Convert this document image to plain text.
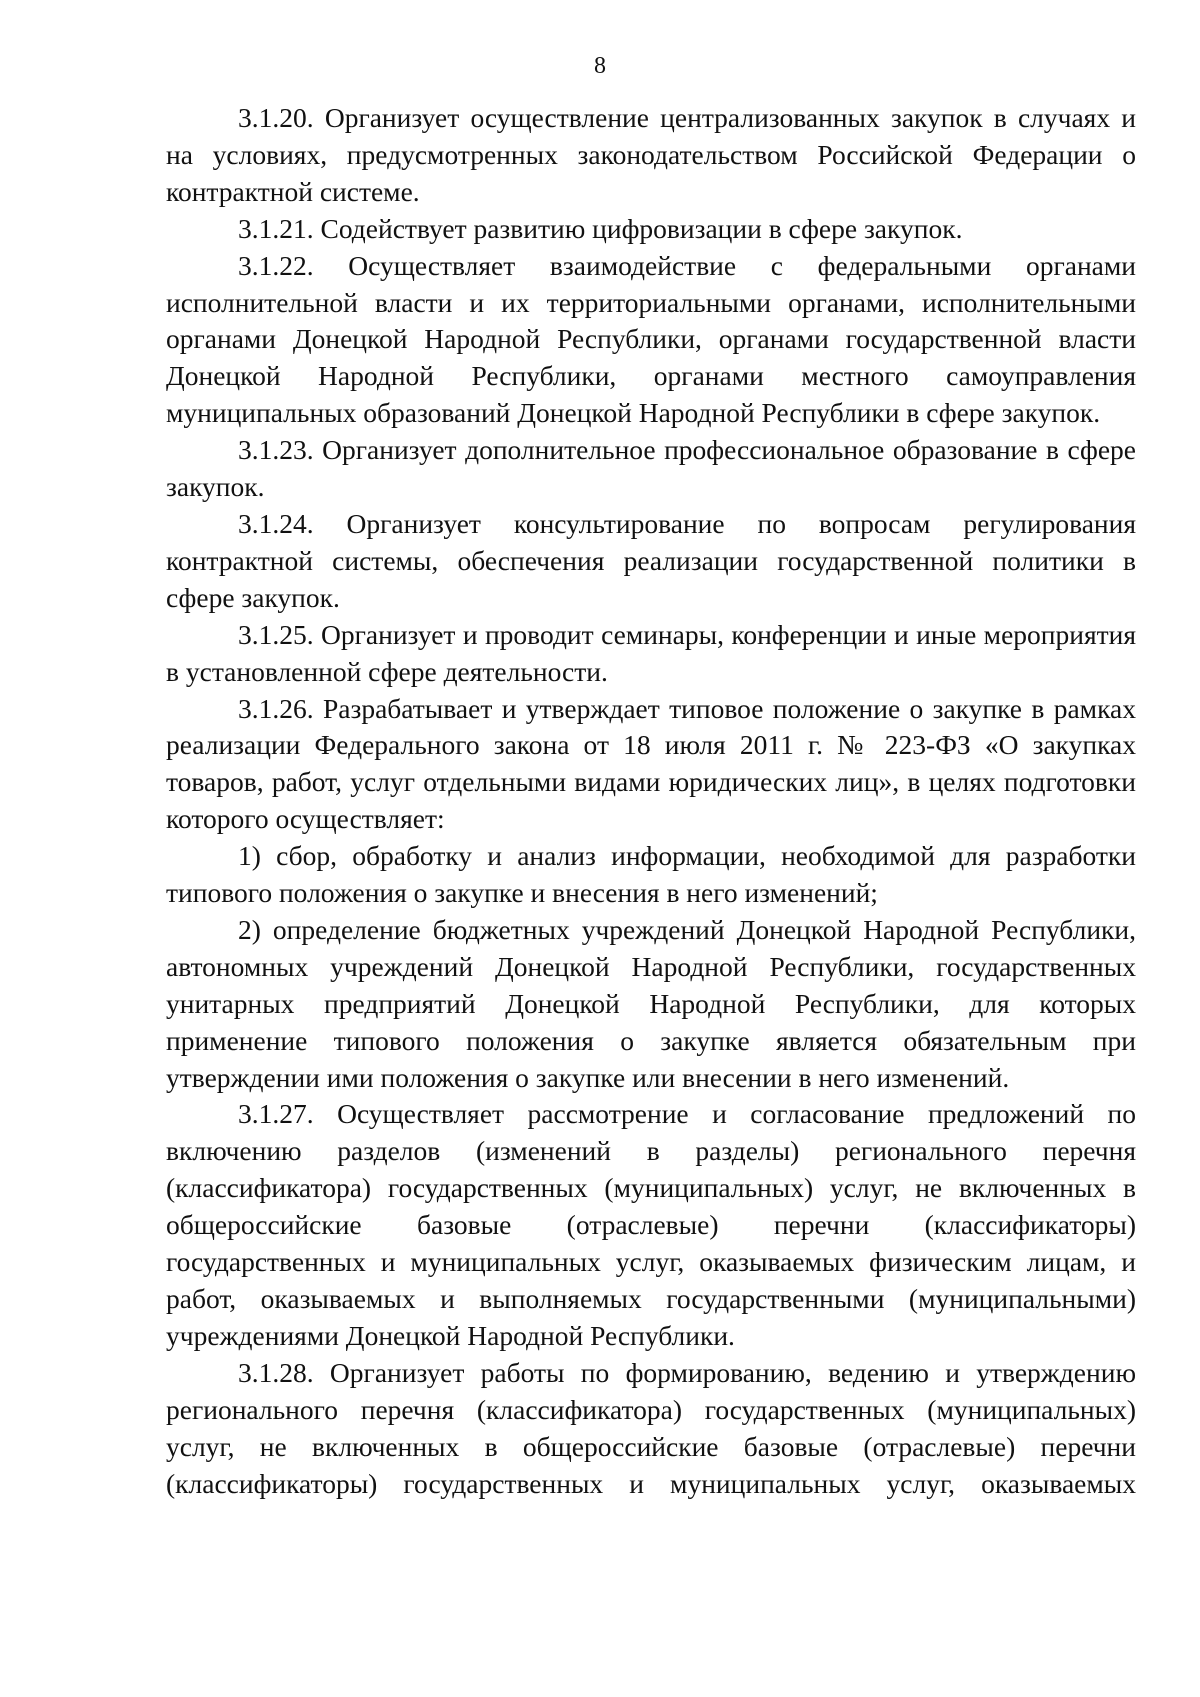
8

3.1.20. Организует осуществление централизованных закупок в случаях и на условиях, предусмотренных законодательством Российской Федерации о контрактной системе.

3.1.21. Содействует развитию цифровизации в сфере закупок.

3.1.22. Осуществляет взаимодействие с федеральными органами исполнительной власти и их территориальными органами, исполнительными органами Донецкой Народной Республики, органами государственной власти Донецкой Народной Республики, органами местного самоуправления муниципальных образований Донецкой Народной Республики в сфере закупок.

3.1.23. Организует дополнительное профессиональное образование в сфере закупок.

3.1.24. Организует консультирование по вопросам регулирования контрактной системы, обеспечения реализации государственной политики в сфере закупок.

3.1.25. Организует и проводит семинары, конференции и иные мероприятия в установленной сфере деятельности.

3.1.26. Разрабатывает и утверждает типовое положение о закупке в рамках реализации Федерального закона от 18 июля 2011 г. № 223-ФЗ «О закупках товаров, работ, услуг отдельными видами юридических лиц», в целях подготовки которого осуществляет:

1) сбор, обработку и анализ информации, необходимой для разработки типового положения о закупке и внесения в него изменений;

2) определение бюджетных учреждений Донецкой Народной Республики, автономных учреждений Донецкой Народной Республики, государственных унитарных предприятий Донецкой Народной Республики, для которых применение типового положения о закупке является обязательным при утверждении ими положения о закупке или внесении в него изменений.

3.1.27. Осуществляет рассмотрение и согласование предложений по включению разделов (изменений в разделы) регионального перечня (классификатора) государственных (муниципальных) услуг, не включенных в общероссийские базовые (отраслевые) перечни (классификаторы) государственных и муниципальных услуг, оказываемых физическим лицам, и работ, оказываемых и выполняемых государственными (муниципальными) учреждениями Донецкой Народной Республики.

3.1.28. Организует работы по формированию, ведению и утверждению регионального перечня (классификатора) государственных (муниципальных) услуг, не включенных в общероссийские базовые (отраслевые) перечни (классификаторы) государственных и муниципальных услуг, оказываемых
